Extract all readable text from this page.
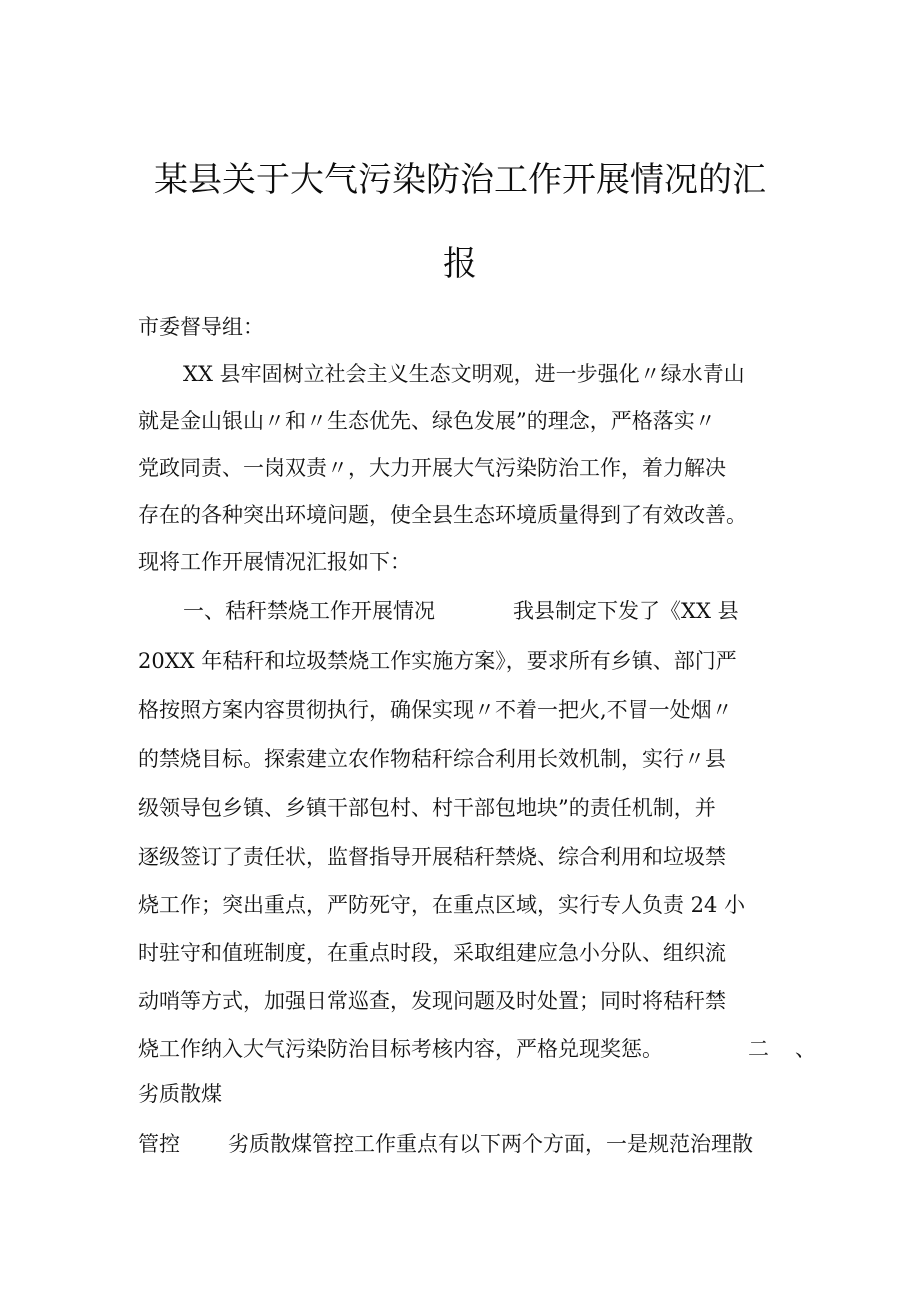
某县关于大气污染防治工作开展情况的汇
报
市委督导组：
XX 县牢固树立社会主义生态文明观，进一步强化〃绿水青山
就是金山银山〃和〃生态优先、绿色发展”的理念，严格落实〃
党政同责、一岗双责〃，大力开展大气污染防治工作，着力解决
存在的各种突出环境问题，使全县生态环境质量得到了有效改善。
现将工作开展情况汇报如下：
一、秸秆禁烧工作开展情况	我县制定下发了《XX 县
20XX 年秸秆和垃圾禁烧工作实施方案》，要求所有乡镇、部门严
格按照方案内容贯彻执行，确保实现〃不着一把火,不冒一处烟〃
的禁烧目标。探索建立农作物秸秆综合利用长效机制，实行〃县
级领导包乡镇、乡镇干部包村、村干部包地块”的责任机制，并
逐级签订了责任状，监督指导开展秸秆禁烧、综合利用和垃圾禁
烧工作；突出重点，严防死守，在重点区域，实行专人负责 24 小
时驻守和值班制度，在重点时段，采取组建应急小分队、组织流
动哨等方式，加强日常巡查，发现问题及时处置；同时将秸秆禁
烧工作纳入大气污染防治目标考核内容，严格兑现奖惩。	二 、
劣质散煤
管控 劣质散煤管控工作重点有以下两个方面，一是规范治理散
